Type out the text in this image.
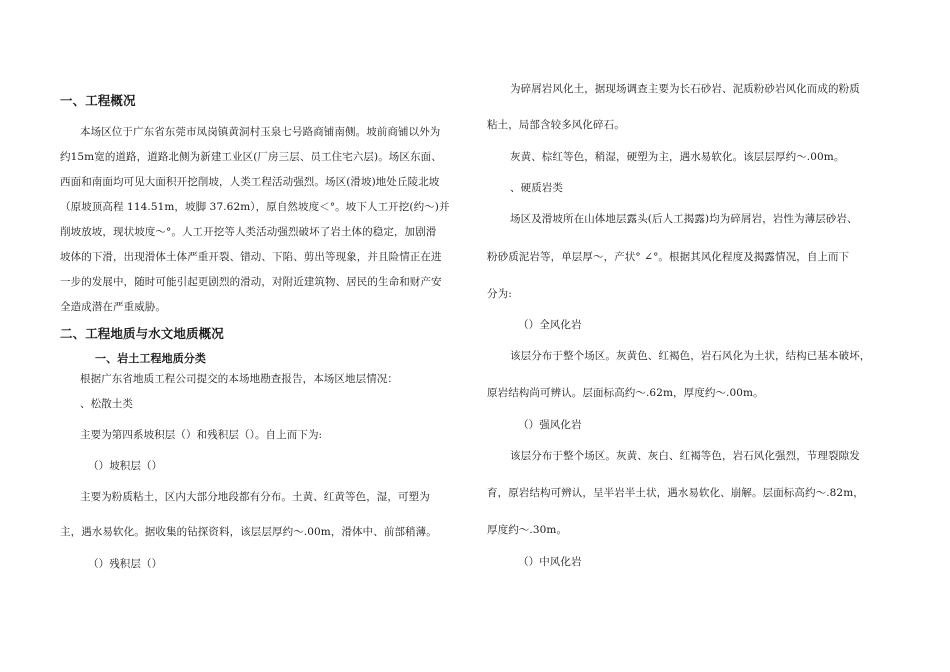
一、工程概况
本场区位于广东省东莞市凤岗镇黄洞村玉泉七号路商铺南侧。坡前商铺以外为
约15m宽的道路，道路北侧为新建工业区(厂房三层、员工住宅六层)。场区东面、
西面和南面均可见大面积开挖削坡，人类工程活动强烈。场区(滑坡)地处丘陵北坡
（原坡顶高程 114.51m，坡脚 37.62m），原自然坡度＜°。坡下人工开挖(约～)并
削坡放坡，现状坡度～°。人工开挖等人类活动强烈破坏了岩土体的稳定，加剧滑
坡体的下滑，出现滑体土体严重开裂、错动、下陷、剪出等现象，并且险情正在进
一步的发展中，随时可能引起更剧烈的滑动，对附近建筑物、居民的生命和财产安
全造成潜在严重威胁。
二、工程地质与水文地质概况
一、岩土工程地质分类
根据广东省地质工程公司提交的本场地勘查报告，本场区地层情况：
、松散土类
主要为第四系坡积层（）和残积层（）。自上而下为:
（）坡积层（）
主要为粉质粘土，区内大部分地段都有分布。土黄、红黄等色，湿，可塑为
主，遇水易软化。据收集的钻探资料，该层层厚约～.00m，滑体中、前部稍薄。
（）残积层（）
为碎屑岩风化土，据现场调查主要为长石砂岩、泥质粉砂岩风化而成的粉质
粘土，局部含较多风化碎石。
灰黄、棕红等色，稍湿，硬塑为主，遇水易软化。该层层厚约～.00m。
、硬质岩类
场区及滑坡所在山体地层露头(后人工揭露)均为碎屑岩，岩性为薄层砂岩、
粉砂质泥岩等，单层厚～，产状° ∠°。根据其风化程度及揭露情况，自上而下
分为:
（）全风化岩
该层分布于整个场区。灰黄色、红褐色，岩石风化为土状，结构已基本破坏，
原岩结构尚可辨认。层面标高约～.62m，厚度约～.00m。
（）强风化岩
该层分布于整个场区。灰黄、灰白、红褐等色，岩石风化强烈，节理裂隙发
育，原岩结构可辨认，呈半岩半土状，遇水易软化、崩解。层面标高约～.82m，
厚度约～.30m。
（）中风化岩
